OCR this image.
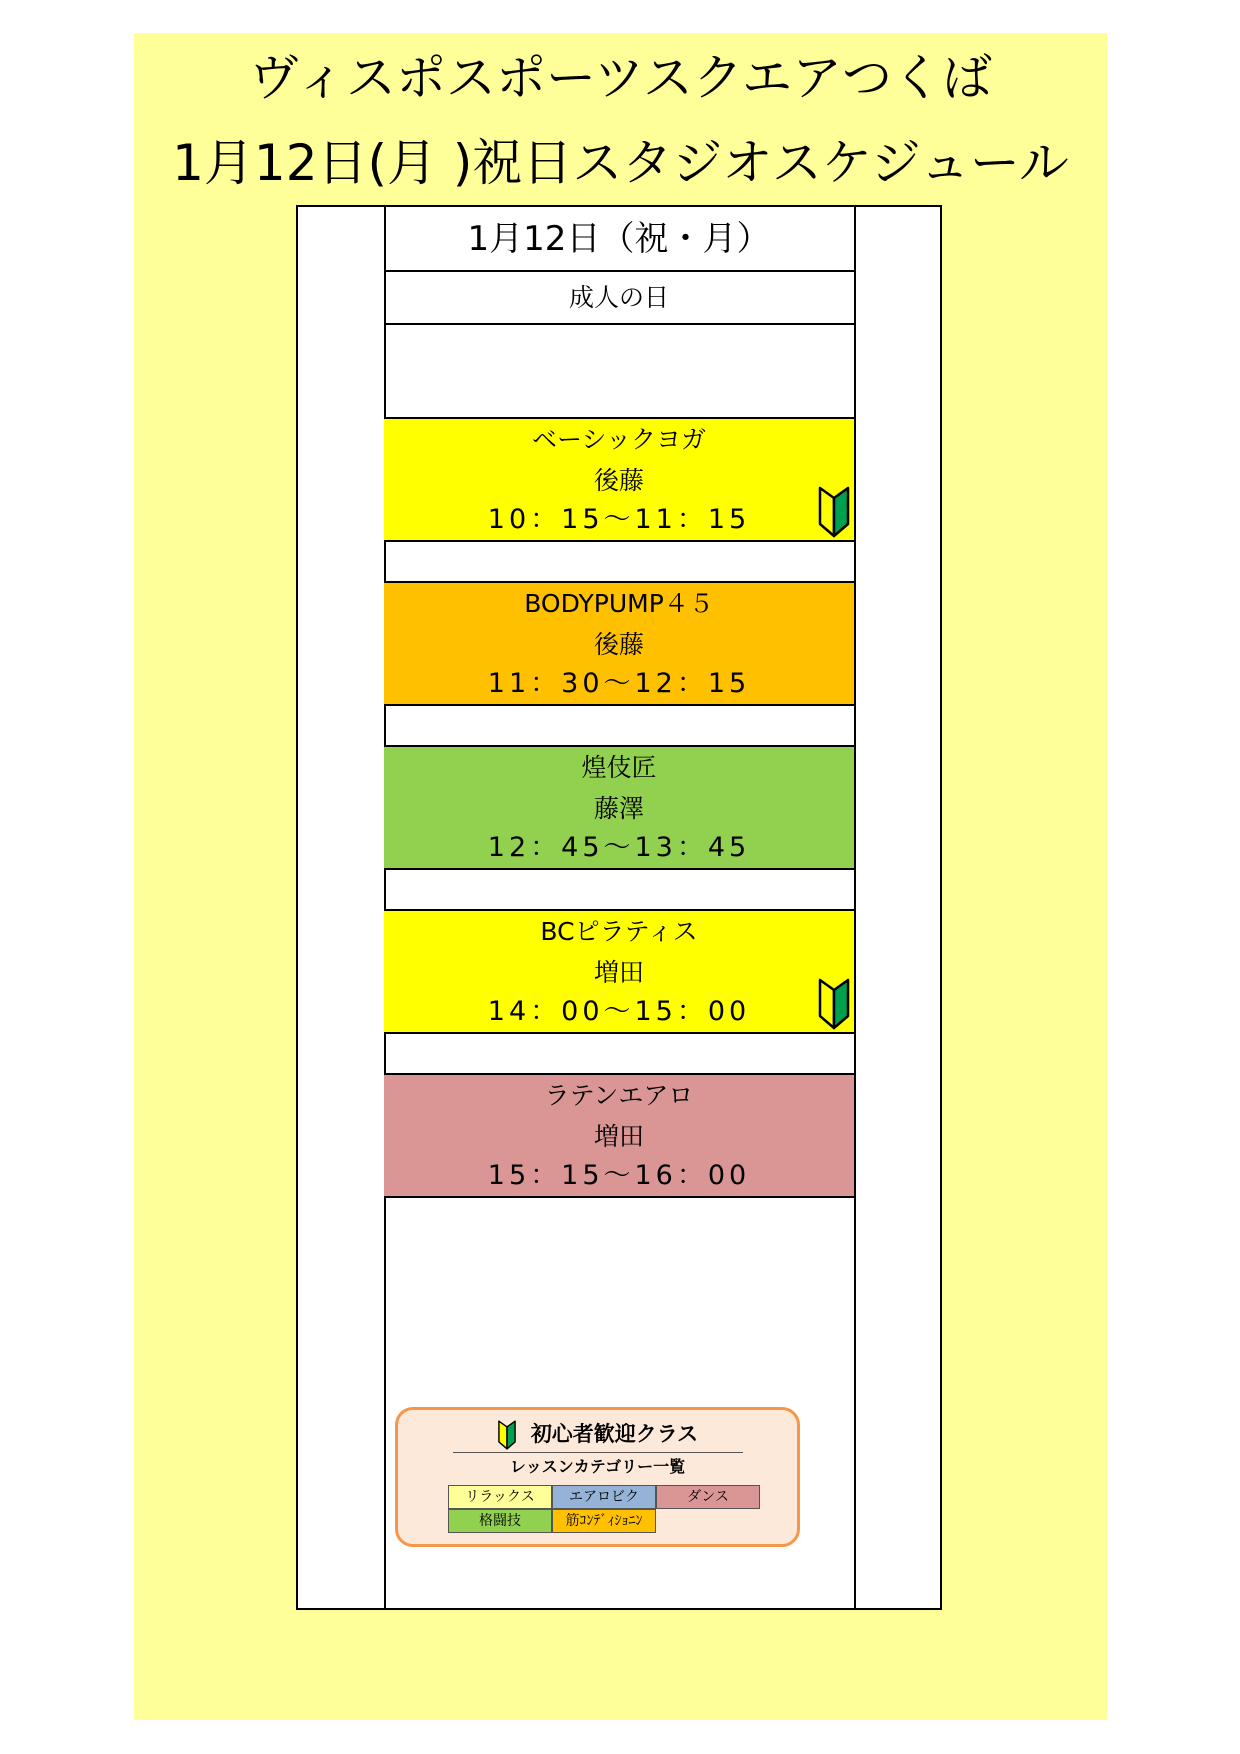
ヴィスポスポーツスクエアつくば
1月12日(月 )祝日スタジオスケジュール
1月12日（祝・月）
成人の日
ベーシックヨガ
後藤
10：15～11：15
BODYPUMP４５
後藤
11：30～12：15
煌伎匠
藤澤
12：45～13：45
BCピラティス
増田
14：00～15：00
ラテンエアロ
増田
15：15～16：00
初心者歓迎クラス
レッスンカテゴリー一覧
リラックス	エアロビク	ダンス
格闘技	筋ｺﾝﾃﾞｨｼｮﾆﾝ
